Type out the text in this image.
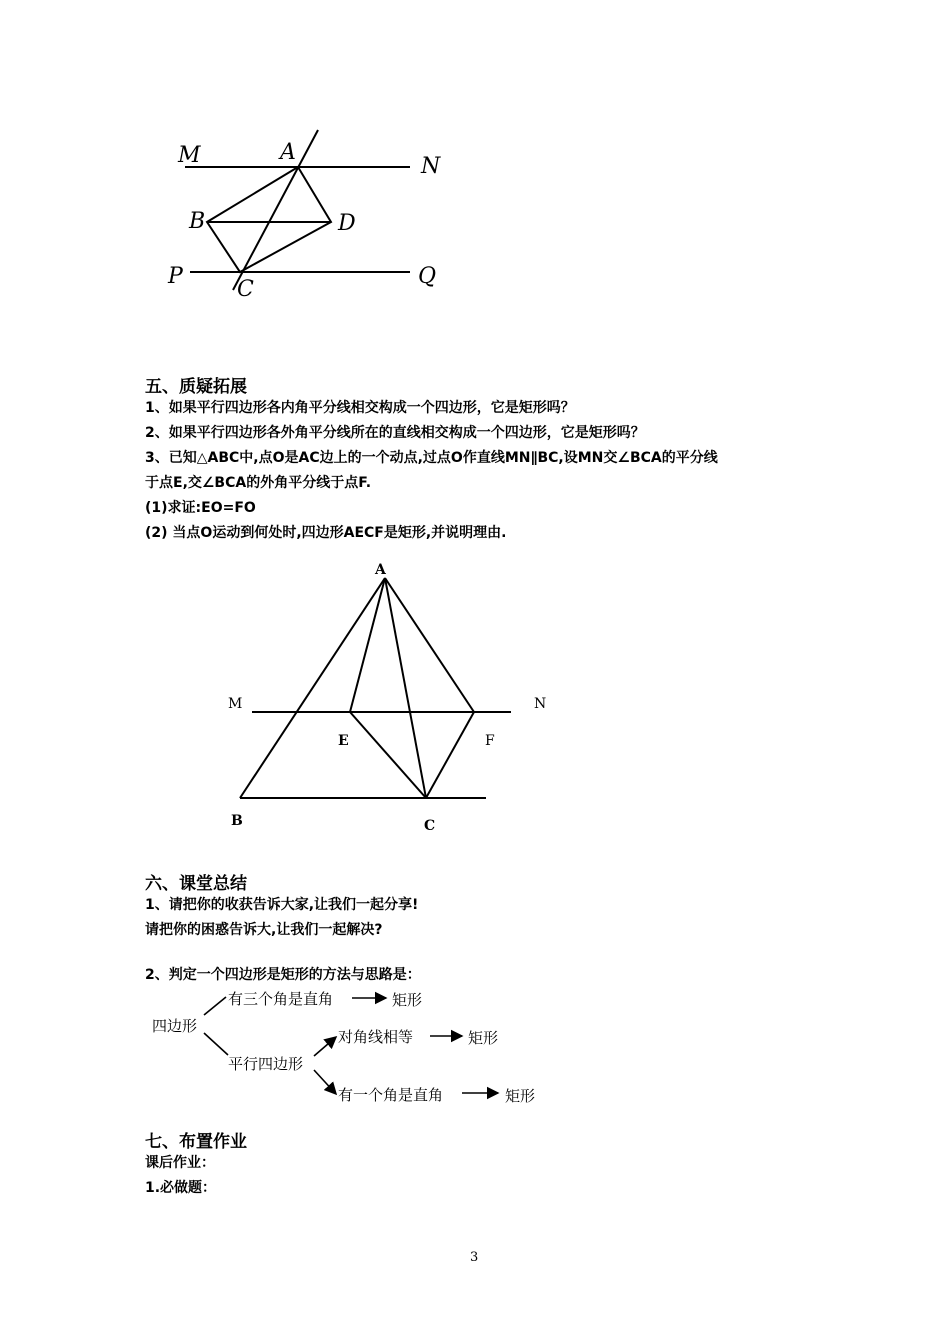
M	A
N
B	D
P
C
Q
五、质疑拓展
1、如果平行四边形各内角平分线相交构成一个四边形，它是矩形吗？
2、如果平行四边形各外角平分线所在的直线相交构成一个四边形，它是矩形吗？
3、已知△ABC中,点O是AC边上的一个动点,过点O作直线MN∥BC,设MN交∠BCA的平分线
于点E,交∠BCA的外角平分线于点F.
(1)求证:EO=FO
(2) 当点O运动到何处时,四边形AECF是矩形,并说明理由.
A
M	N
E	F
B	C
六、课堂总结
1、请把你的收获告诉大家,让我们一起分享!
请把你的困惑告诉大,让我们一起解决?
2、判定一个四边形是矩形的方法与思路是：
四边形
有三个角是直角	矩形
平行四边形
对角线相等	矩形
有一个角是直角	矩形
七、布置作业
课后作业：
1.必做题：
3
